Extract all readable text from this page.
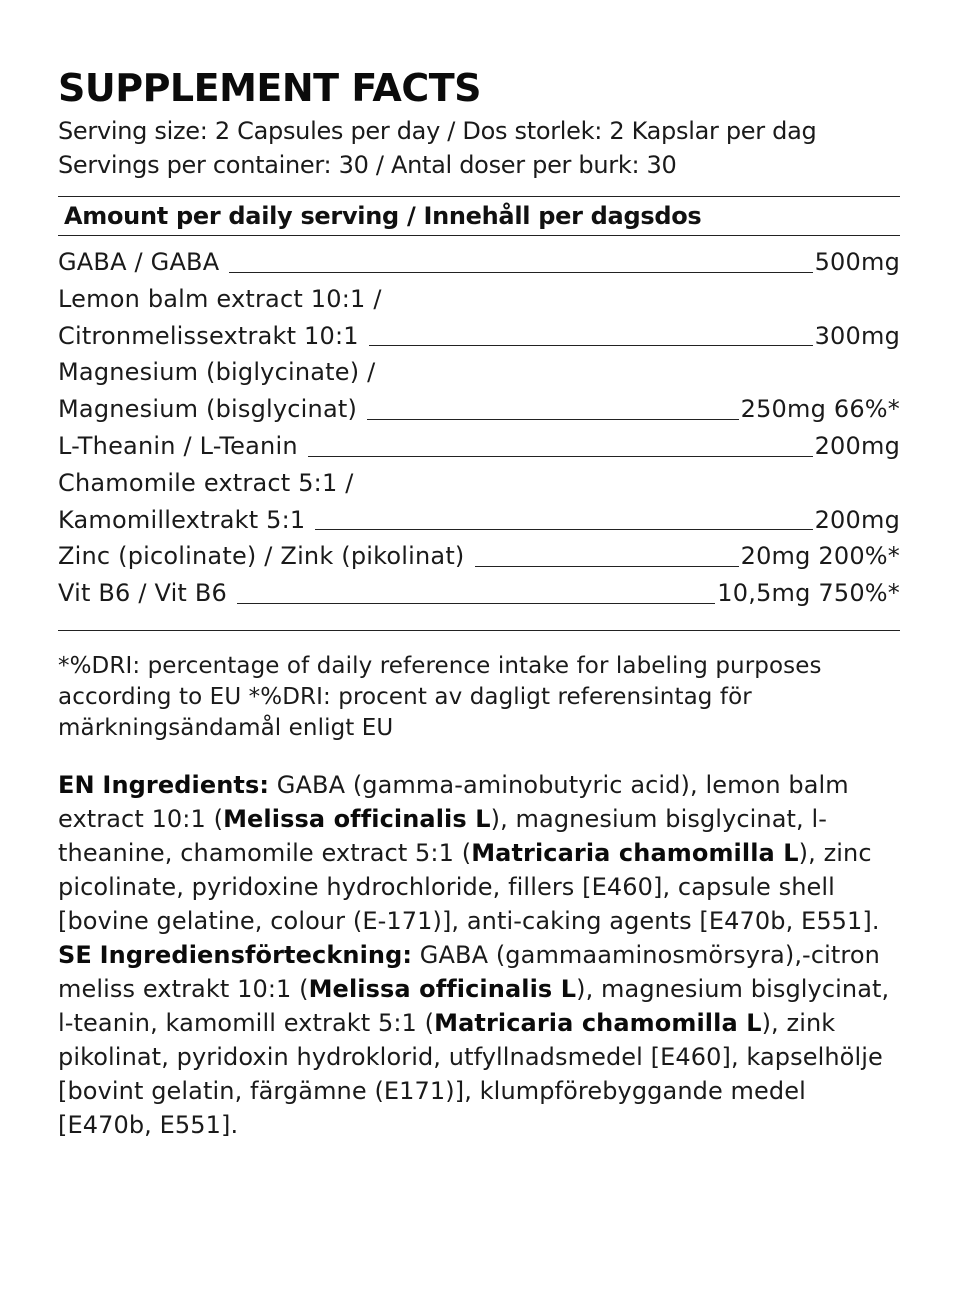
SUPPLEMENT FACTS
Serving size: 2 Capsules per day / Dos storlek: 2 Kapslar per dag
Servings per container: 30 / Antal doser per burk: 30
Amount per daily serving / Innehåll per dagsdos
GABA / GABA	500mg
Lemon balm extract 10:1 /
Citronmelissextrakt 10:1	300mg
Magnesium (biglycinate) /
Magnesium (bisglycinat)	250mg 66%*
L-Theanin / L-Teanin	200mg
Chamomile extract 5:1 /
Kamomillextrakt 5:1	200mg
Zinc (picolinate) / Zink (pikolinat)	20mg 200%*
Vit B6 / Vit B6	10,5mg 750%*
*%DRI: percentage of daily reference intake for labeling purposes according to EU *%DRI: procent av dagligt referensintag för märkningsändamål enligt EU
EN Ingredients: GABA (gamma-aminobutyric acid), lemon balm extract 10:1 (Melissa officinalis L), magnesium bisglycinat, l-theanine, chamomile extract 5:1 (Matricaria chamomilla L), zinc picolinate, pyridoxine hydrochloride, fillers [E460], capsule shell [bovine gelatine, colour (E-171)], anti-caking agents [E470b, E551].
SE Ingrediensförteckning: GABA (gammaaminosmörsyra),-citron meliss extrakt 10:1 (Melissa officinalis L), magnesium bisglycinat, l-teanin, kamomill extrakt 5:1 (Matricaria chamomilla L), zink pikolinat, pyridoxin hydroklorid, utfyllnadsmedel [E460], kapselhölje [bovint gelatin, färgämne (E171)], klumpförebyggande medel [E470b, E551].
